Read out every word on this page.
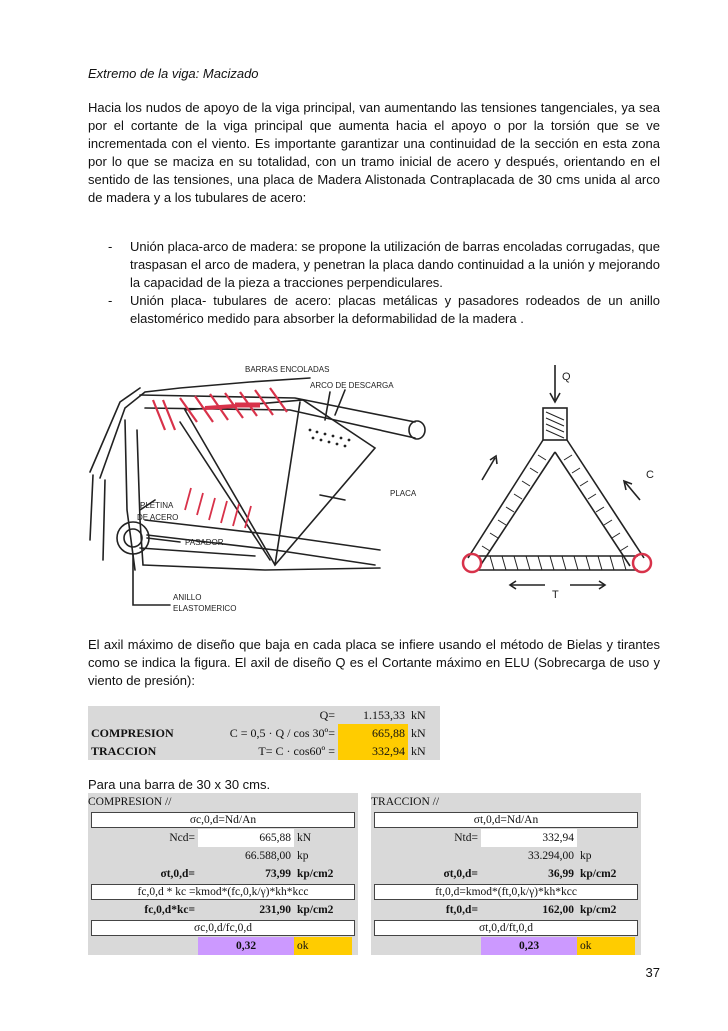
Extremo de la viga: Macizado
Hacia los nudos de apoyo de la viga principal, van aumentando las tensiones tangenciales, ya sea por el cortante de la viga principal que aumenta hacia el apoyo o por la torsión que se ve incrementada con el viento. Es importante garantizar una continuidad de la sección en esta zona por lo que se maciza en su totalidad, con un tramo inicial de acero y después, orientando en el sentido de las tensiones, una placa de Madera Alistonada Contraplacada de 30 cms unida al arco de madera y a los tubulares de acero:
- Unión placa-arco de madera: se propone la utilización de barras encoladas corrugadas, que traspasan el arco de madera, y penetran la placa dando continuidad a la unión y mejorando la capacidad de la pieza a tracciones perpendiculares.
- Unión placa- tubulares de acero: placas metálicas y pasadores rodeados de un anillo elastomérico medido para absorber la deformabilidad de la madera .
BARRAS ENCOLADAS
ARCO DE DESCARGA
PLACA
PLETINA
DE ACERO
PASADOR
ANILLO
ELASTOMERICO
Q
C
T
El axil máximo de diseño que baja en cada placa se infiere usando el método de Bielas y tirantes como se indica la figura. El axil de diseño Q es el Cortante máximo en ELU (Sobrecarga de uso y viento de presión):
Q=	1.153,33 kN
COMPRESION	C = 0,5 · Q / cos 30º=	665,88 kN
TRACCION	T= C · cos60º =	332,94 kN
Para una barra de 30 x 30 cms.
COMPRESION //
σc,0,d=Nd/An
Ncd=	665,88 kN
66.588,00 kp
σt,0,d=	73,99 kp/cm2
fc,0,d * kc =kmod*(fc,0,k/γ)*kh*kcc
fc,0,d*kc=	231,90 kp/cm2
σc,0,d/fc,0,d
0,32	ok
TRACCION //
σt,0,d=Nd/An
Ntd=	332,94
33.294,00 kp
σt,0,d=	36,99 kp/cm2
ft,0,d=kmod*(ft,0,k/γ)*kh*kcc
ft,0,d=	162,00 kp/cm2
σt,0,d/ft,0,d
0,23	ok
37
